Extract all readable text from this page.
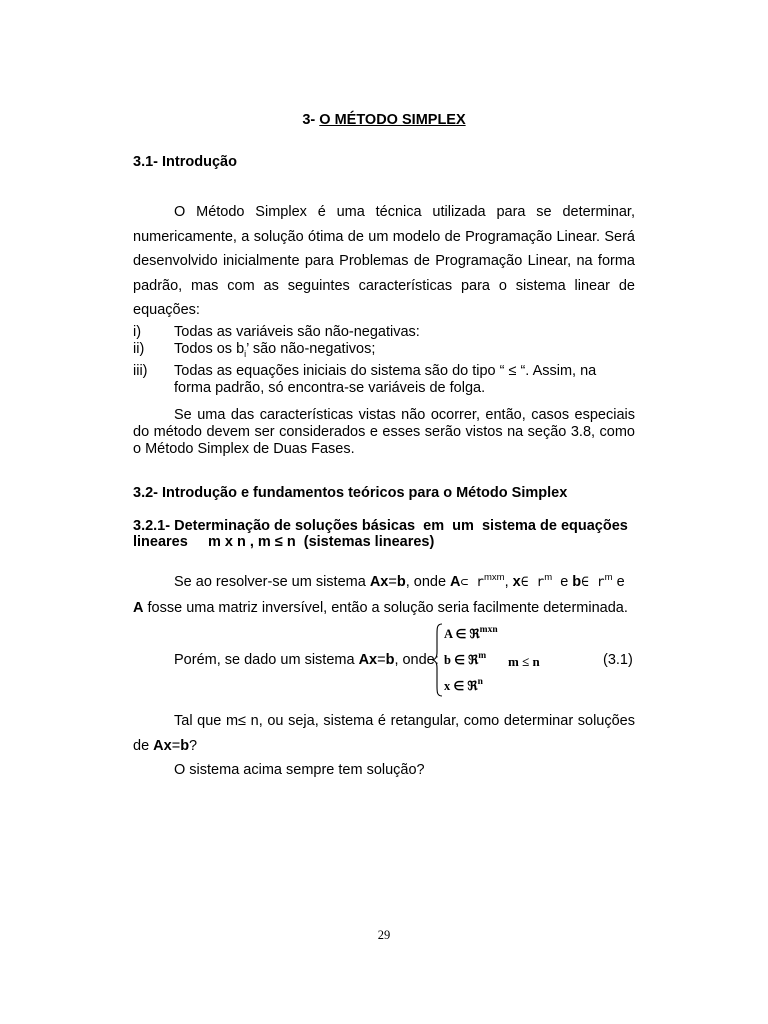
3- O MÉTODO SIMPLEX
3.1- Introdução
O Método Simplex é uma técnica utilizada para se determinar, numericamente, a solução ótima de um modelo de Programação Linear. Será desenvolvido inicialmente para Problemas de Programação Linear, na forma padrão, mas com as seguintes características para o sistema linear de equações:
i)	Todas as variáveis são não-negativas:
ii)	Todos os $b_i$’ são não-negativos;
iii)	Todas as equações iniciais do sistema são do tipo “ ≤ “. Assim, na forma padrão, só encontra-se variáveis de folga.
Se uma das características vistas não ocorrer, então, casos especiais do método devem ser considerados e esses serão vistos na seção 3.8, como o Método Simplex de Duas Fases.
3.2- Introdução e fundamentos teóricos para o Método Simplex
3.2.1- Determinação de soluções básicas  em  um  sistema de equações
lineares     m x n , m ≤ n  (sistemas lineares)
Se ao resolver-se um sistema Ax=b, onde A⊂ $r^{mxm}$, x∈ $r^m$  e b∈ $r^m$ e
A fosse uma matriz inversível, então a solução seria facilmente determinada.
Porém, se dado um sistema Ax=b, onde:
A ∈ ℜ$^{mxn}$
b ∈ ℜ$^m$ m ≤ n	(3.1)
x ∈ ℜ$^n$
Tal que m≤ n, ou seja, sistema é retangular, como determinar soluções de Ax=b?
O sistema acima sempre tem solução?
29
